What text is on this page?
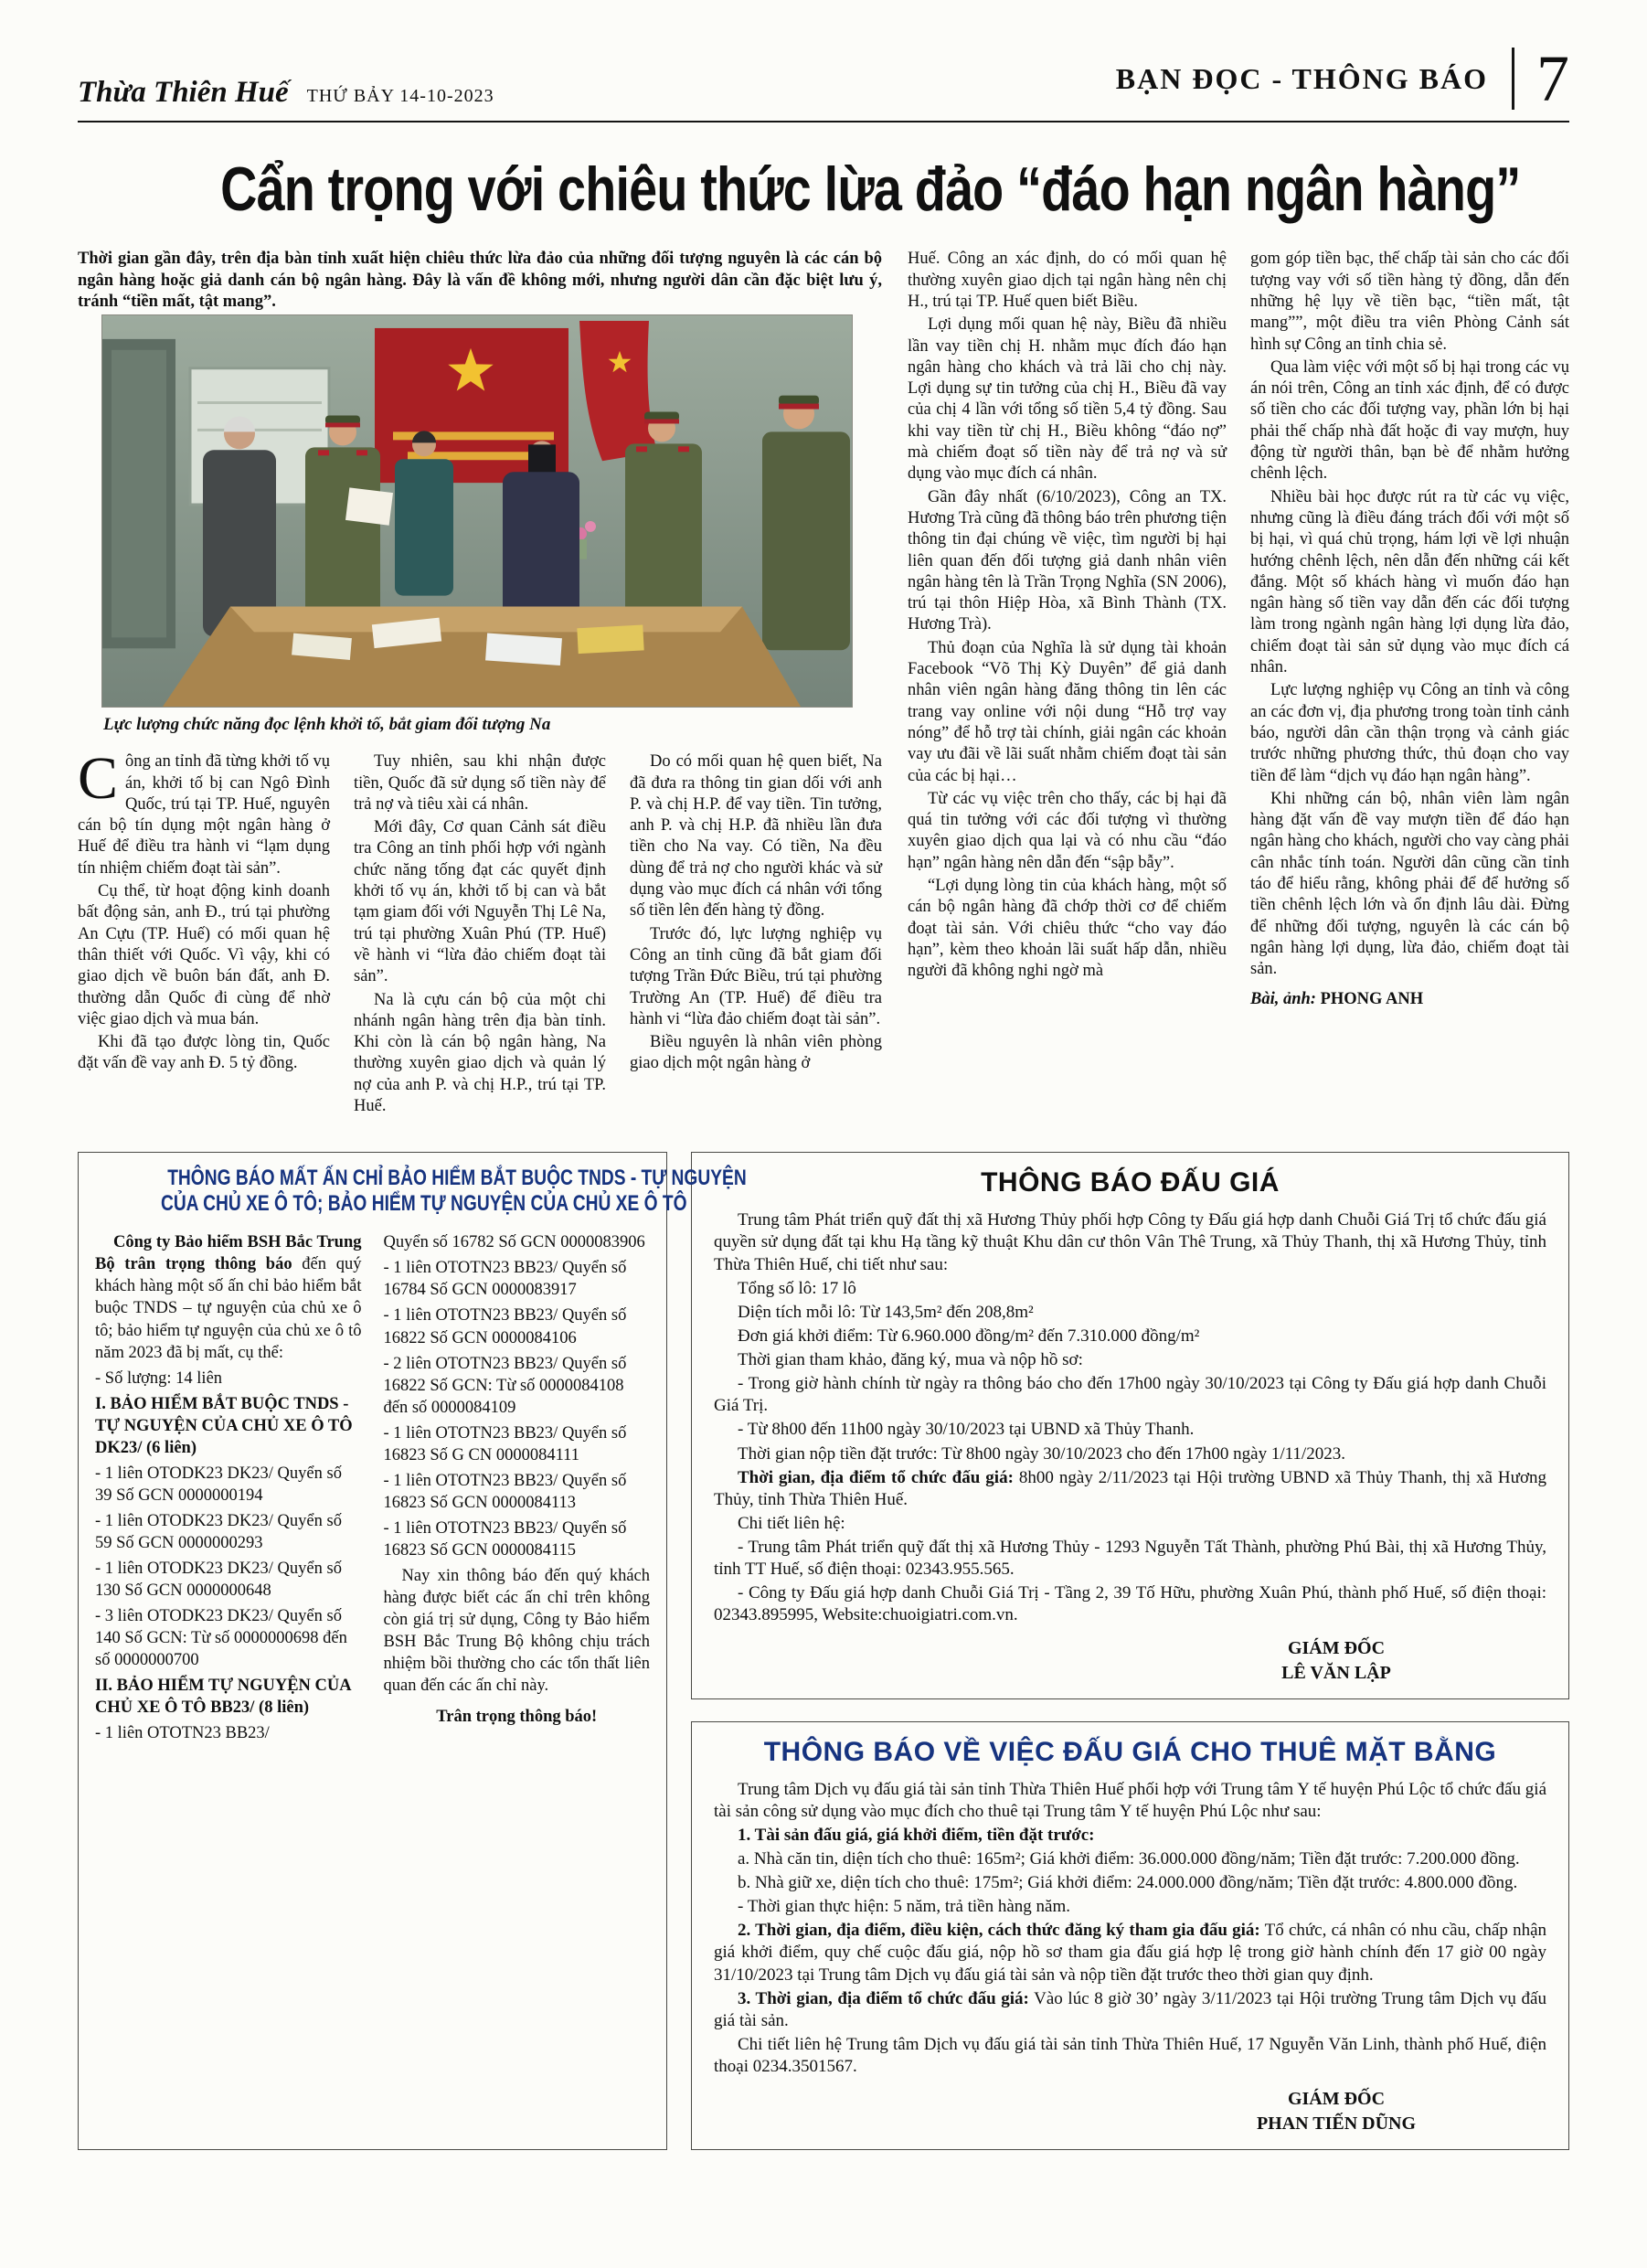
Thừa Thiên Huế THỨ BẢY 14-10-2023
BẠN ĐỌC - THÔNG BÁO 7
Cẩn trọng với chiêu thức lừa đảo “đáo hạn ngân hàng”

Thời gian gần đây, trên địa bàn tỉnh xuất hiện chiêu thức lừa đảo của những đối tượng nguyên là các cán bộ ngân hàng hoặc giả danh cán bộ ngân hàng. Đây là vấn đề không mới, nhưng người dân cần đặc biệt lưu ý, tránh “tiền mất, tật mang”.

Lực lượng chức năng đọc lệnh khởi tố, bắt giam đối tượng Na

Công an tỉnh đã từng khởi tố vụ án, khởi tố bị can Ngô Đình Quốc, trú tại TP. Huế, nguyên cán bộ tín dụng một ngân hàng ở Huế để điều tra hành vi “lạm dụng tín nhiệm chiếm đoạt tài sản”.

Cụ thể, từ hoạt động kinh doanh bất động sản, anh Đ., trú tại phường An Cựu (TP. Huế) có mối quan hệ thân thiết với Quốc. Vì vậy, khi có giao dịch về buôn bán đất, anh Đ. thường dẫn Quốc đi cùng để nhờ việc giao dịch và mua bán.

Khi đã tạo được lòng tin, Quốc đặt vấn đề vay anh Đ. 5 tỷ đồng.

Tuy nhiên, sau khi nhận được tiền, Quốc đã sử dụng số tiền này để trả nợ và tiêu xài cá nhân.

Mới đây, Cơ quan Cảnh sát điều tra Công an tỉnh phối hợp với ngành chức năng tống đạt các quyết định khởi tố vụ án, khởi tố bị can và bắt tạm giam đối với Nguyễn Thị Lê Na, trú tại phường Xuân Phú (TP. Huế) về hành vi “lừa đảo chiếm đoạt tài sản”.

Na là cựu cán bộ của một chi nhánh ngân hàng trên địa bàn tỉnh. Khi còn là cán bộ ngân hàng, Na thường xuyên giao dịch và quản lý nợ của anh P. và chị H.P., trú tại TP. Huế.

Do có mối quan hệ quen biết, Na đã đưa ra thông tin gian dối với anh P. và chị H.P. để vay tiền. Tin tưởng, anh P. và chị H.P. đã nhiều lần đưa tiền cho Na vay. Có tiền, Na đều dùng để trả nợ cho người khác và sử dụng vào mục đích cá nhân với tổng số tiền lên đến hàng tỷ đồng.

Trước đó, lực lượng nghiệp vụ Công an tỉnh cũng đã bắt giam đối tượng Trần Đức Biều, trú tại phường Trường An (TP. Huế) để điều tra hành vi “lừa đảo chiếm đoạt tài sản”.

Biều nguyên là nhân viên phòng giao dịch một ngân hàng ở

Huế. Công an xác định, do có mối quan hệ thường xuyên giao dịch tại ngân hàng nên chị H., trú tại TP. Huế quen biết Biều.

Lợi dụng mối quan hệ này, Biều đã nhiều lần vay tiền chị H. nhằm mục đích đáo hạn ngân hàng cho khách và trả lãi cho chị này. Lợi dụng sự tin tưởng của chị H., Biều đã vay của chị 4 lần với tổng số tiền 5,4 tỷ đồng. Sau khi vay tiền từ chị H., Biều không “đáo nợ” mà chiếm đoạt số tiền này để trả nợ và sử dụng vào mục đích cá nhân.

Gần đây nhất (6/10/2023), Công an TX. Hương Trà cũng đã thông báo trên phương tiện thông tin đại chúng về việc, tìm người bị hại liên quan đến đối tượng giả danh nhân viên ngân hàng tên là Trần Trọng Nghĩa (SN 2006), trú tại thôn Hiệp Hòa, xã Bình Thành (TX. Hương Trà).

Thủ đoạn của Nghĩa là sử dụng tài khoản Facebook “Võ Thị Kỳ Duyên” để giả danh nhân viên ngân hàng đăng thông tin lên các trang vay online với nội dung “Hỗ trợ vay nóng” để hỗ trợ tài chính, giải ngân các khoản vay ưu đãi về lãi suất nhằm chiếm đoạt tài sản của các bị hại…

Từ các vụ việc trên cho thấy, các bị hại đã quá tin tưởng với các đối tượng vì thường xuyên giao dịch qua lại và có nhu cầu “đáo hạn” ngân hàng nên dẫn đến “sập bẫy”.

“Lợi dụng lòng tin của khách hàng, một số cán bộ ngân hàng đã chớp thời cơ để chiếm đoạt tài sản. Với chiêu thức “cho vay đáo hạn”, kèm theo khoản lãi suất hấp dẫn, nhiều người đã không nghi ngờ mà

gom góp tiền bạc, thế chấp tài sản cho các đối tượng vay với số tiền hàng tỷ đồng, dẫn đến những hệ lụy về tiền bạc, “tiền mất, tật mang””, một điều tra viên Phòng Cảnh sát hình sự Công an tỉnh chia sẻ.

Qua làm việc với một số bị hại trong các vụ án nói trên, Công an tỉnh xác định, để có được số tiền cho các đối tượng vay, phần lớn bị hại phải thế chấp nhà đất hoặc đi vay mượn, huy động từ người thân, bạn bè để nhằm hưởng chênh lệch.

Nhiều bài học được rút ra từ các vụ việc, nhưng cũng là điều đáng trách đối với một số bị hại, vì quá chủ trọng, hám lợi về lợi nhuận hướng chênh lệch, nên dẫn đến những cái kết đắng. Một số khách hàng vì muốn đáo hạn ngân hàng số tiền vay dẫn đến các đối tượng làm trong ngành ngân hàng lợi dụng lừa đảo, chiếm đoạt tài sản sử dụng vào mục đích cá nhân.

Lực lượng nghiệp vụ Công an tỉnh và công an các đơn vị, địa phương trong toàn tỉnh cảnh báo, người dân cần thận trọng và cảnh giác trước những phương thức, thủ đoạn cho vay tiền để làm “dịch vụ đáo hạn ngân hàng”.

Khi những cán bộ, nhân viên làm ngân hàng đặt vấn đề vay mượn tiền để đáo hạn ngân hàng cho khách, người cho vay càng phải cân nhắc tính toán. Người dân cũng cần tỉnh táo để hiểu rằng, không phải để để hưởng số tiền chênh lệch lớn và ổn định lâu dài. Đừng để những đối tượng, nguyên là các cán bộ ngân hàng lợi dụng, lừa đảo, chiếm đoạt tài sản.

Bài, ảnh: PHONG ANH

THÔNG BÁO MẤT ẤN CHỈ BẢO HIỂM BẮT BUỘC TNDS - TỰ NGUYỆN
CỦA CHỦ XE Ô TÔ; BẢO HIỂM TỰ NGUYỆN CỦA CHỦ XE Ô TÔ

Công ty Bảo hiểm BSH Bắc Trung Bộ trân trọng thông báo đến quý khách hàng một số ấn chỉ bảo hiểm bắt buộc TNDS – tự nguyện của chủ xe ô tô; bảo hiểm tự nguyện của chủ xe ô tô năm 2023 đã bị mất, cụ thể:

- Số lượng: 14 liên

I. BẢO HIỂM BẮT BUỘC TNDS - TỰ NGUYỆN CỦA CHỦ XE Ô TÔ DK23/ (6 liên)

- 1 liên OTODK23 DK23/ Quyển số 39 Số GCN 0000000194

- 1 liên OTODK23 DK23/ Quyển số 59 Số GCN 0000000293

- 1 liên OTODK23 DK23/ Quyển số 130 Số GCN 0000000648

- 3 liên OTODK23 DK23/ Quyển số 140 Số GCN: Từ số 0000000698 đến số 0000000700

II. BẢO HIỂM TỰ NGUYỆN CỦA CHỦ XE Ô TÔ BB23/ (8 liên)

- 1 liên OTOTN23 BB23/

Quyển số 16782 Số GCN 0000083906

- 1 liên OTOTN23 BB23/ Quyển số 16784 Số GCN 0000083917

- 1 liên OTOTN23 BB23/ Quyển số 16822 Số GCN 0000084106

- 2 liên OTOTN23 BB23/ Quyển số 16822 Số GCN: Từ số 0000084108 đến số 0000084109

- 1 liên OTOTN23 BB23/ Quyển số 16823 Số G CN 0000084111

- 1 liên OTOTN23 BB23/ Quyển số 16823 Số GCN 0000084113

- 1 liên OTOTN23 BB23/ Quyển số 16823 Số GCN 0000084115

Nay xin thông báo đến quý khách hàng được biết các ấn chỉ trên không còn giá trị sử dụng, Công ty Bảo hiểm BSH Bắc Trung Bộ không chịu trách nhiệm bồi thường cho các tổn thất liên quan đến các ấn chỉ này.

Trân trọng thông báo!

THÔNG BÁO ĐẤU GIÁ

Trung tâm Phát triển quỹ đất thị xã Hương Thủy phối hợp Công ty Đấu giá hợp danh Chuỗi Giá Trị tổ chức đấu giá quyền sử dụng đất tại khu Hạ tầng kỹ thuật Khu dân cư thôn Vân Thê Trung, xã Thủy Thanh, thị xã Hương Thủy, tỉnh Thừa Thiên Huế, chi tiết như sau:

Tổng số lô: 17 lô

Diện tích mỗi lô: Từ 143,5m² đến 208,8m²

Đơn giá khởi điểm: Từ 6.960.000 đồng/m² đến 7.310.000 đồng/m²

Thời gian tham khảo, đăng ký, mua và nộp hồ sơ:

- Trong giờ hành chính từ ngày ra thông báo cho đến 17h00 ngày 30/10/2023 tại Công ty Đấu giá hợp danh Chuỗi Giá Trị.

- Từ 8h00 đến 11h00 ngày 30/10/2023 tại UBND xã Thủy Thanh.

Thời gian nộp tiền đặt trước: Từ 8h00 ngày 30/10/2023 cho đến 17h00 ngày 1/11/2023.

Thời gian, địa điểm tổ chức đấu giá: 8h00 ngày 2/11/2023 tại Hội trường UBND xã Thủy Thanh, thị xã Hương Thủy, tỉnh Thừa Thiên Huế.

Chi tiết liên hệ:

- Trung tâm Phát triển quỹ đất thị xã Hương Thủy - 1293 Nguyễn Tất Thành, phường Phú Bài, thị xã Hương Thủy, tỉnh TT Huế, số điện thoại: 02343.955.565.

- Công ty Đấu giá hợp danh Chuỗi Giá Trị - Tầng 2, 39 Tố Hữu, phường Xuân Phú, thành phố Huế, số điện thoại: 02343.895995, Website:chuoigiatri.com.vn.

GIÁM ĐỐC
LÊ VĂN LẬP
THÔNG BÁO VỀ VIỆC ĐẤU GIÁ CHO THUÊ MẶT BẰNG

Trung tâm Dịch vụ đấu giá tài sản tỉnh Thừa Thiên Huế phối hợp với Trung tâm Y tế huyện Phú Lộc tổ chức đấu giá tài sản công sử dụng vào mục đích cho thuê tại Trung tâm Y tế huyện Phú Lộc như sau:

1. Tài sản đấu giá, giá khởi điểm, tiền đặt trước:

a. Nhà căn tin, diện tích cho thuê: 165m²; Giá khởi điểm: 36.000.000 đồng/năm; Tiền đặt trước: 7.200.000 đồng.

b. Nhà giữ xe, diện tích cho thuê: 175m²; Giá khởi điểm: 24.000.000 đồng/năm; Tiền đặt trước: 4.800.000 đồng.

- Thời gian thực hiện: 5 năm, trả tiền hàng năm.

2. Thời gian, địa điểm, điều kiện, cách thức đăng ký tham gia đấu giá: Tổ chức, cá nhân có nhu cầu, chấp nhận giá khởi điểm, quy chế cuộc đấu giá, nộp hồ sơ tham gia đấu giá hợp lệ trong giờ hành chính đến 17 giờ 00 ngày 31/10/2023 tại Trung tâm Dịch vụ đấu giá tài sản và nộp tiền đặt trước theo thời gian quy định.

3. Thời gian, địa điểm tổ chức đấu giá: Vào lúc 8 giờ 30’ ngày 3/11/2023 tại Hội trường Trung tâm Dịch vụ đấu giá tài sản.

Chi tiết liên hệ Trung tâm Dịch vụ đấu giá tài sản tỉnh Thừa Thiên Huế, 17 Nguyễn Văn Linh, thành phố Huế, điện thoại 0234.3501567.

GIÁM ĐỐC
PHAN TIẾN DŨNG
